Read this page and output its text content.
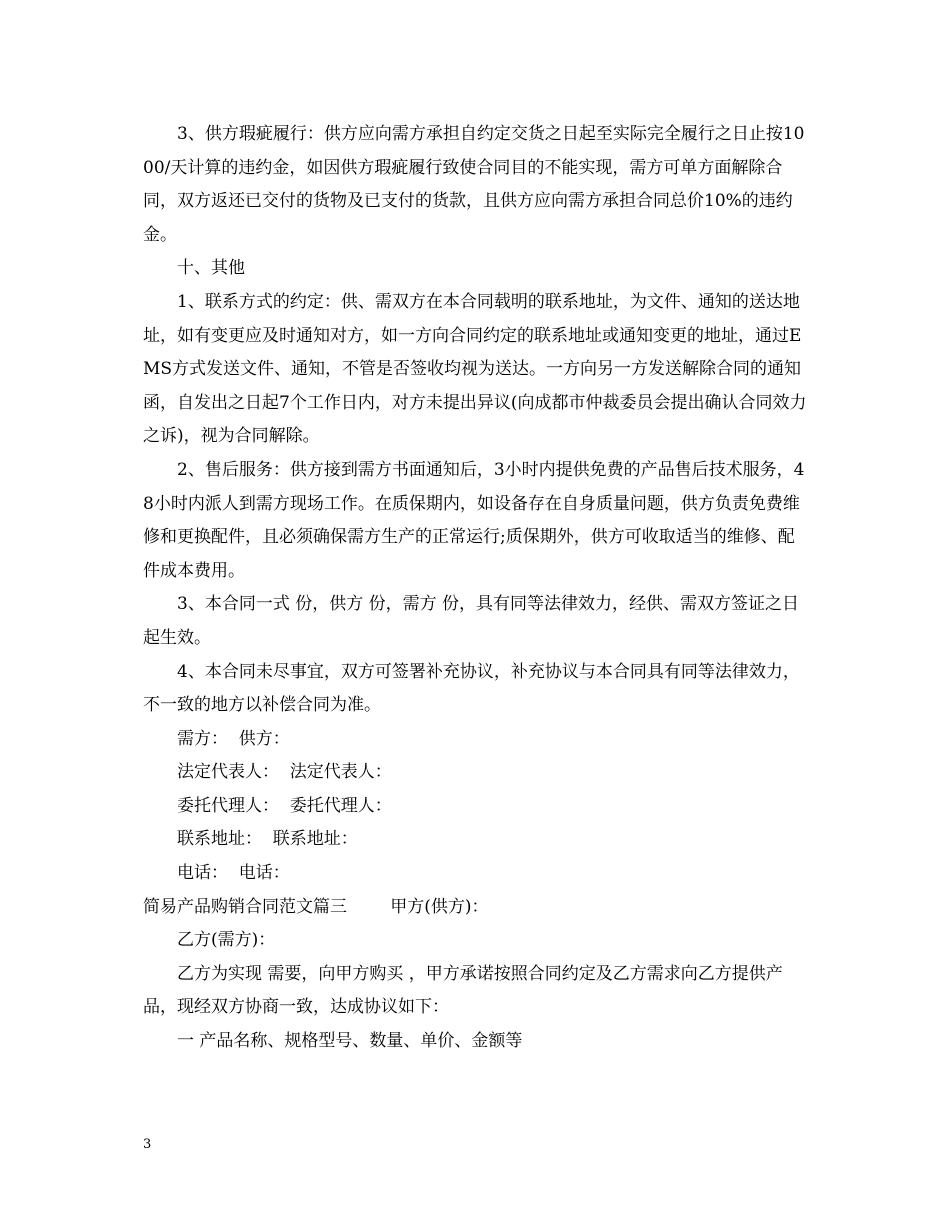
3、供方瑕疵履行：供方应向需方承担自约定交货之日起至实际完全履行之日止按1000/天计算的违约金，如因供方瑕疵履行致使合同目的不能实现，需方可单方面解除合同，双方返还已交付的货物及已支付的货款，且供方应向需方承担合同总价10%的违约金。

十、其他

1、联系方式的约定：供、需双方在本合同载明的联系地址，为文件、通知的送达地址，如有变更应及时通知对方，如一方向合同约定的联系地址或通知变更的地址，通过EMS方式发送文件、通知，不管是否签收均视为送达。一方向另一方发送解除合同的通知函，自发出之日起7个工作日内，对方未提出异议(向成都市仲裁委员会提出确认合同效力之诉)，视为合同解除。

2、售后服务：供方接到需方书面通知后，3小时内提供免费的产品售后技术服务，48小时内派人到需方现场工作。在质保期内，如设备存在自身质量问题，供方负责免费维修和更换配件，且必须确保需方生产的正常运行;质保期外，供方可收取适当的维修、配件成本费用。

3、本合同一式 份，供方 份，需方 份，具有同等法律效力，经供、需双方签证之日起生效。

4、本合同未尽事宜，双方可签署补充协议，补充协议与本合同具有同等法律效力，不一致的地方以补偿合同为准。

需方：  供方：

法定代表人：  法定代表人：

委托代理人：  委托代理人：

联系地址：  联系地址：

电话：  电话：

简易产品购销合同范文篇三        甲方(供方)：

乙方(需方)：

乙方为实现 需要，向甲方购买 ，甲方承诺按照合同约定及乙方需求向乙方提供产品，现经双方协商一致，达成协议如下：

一 产品名称、规格型号、数量、单价、金额等

3
